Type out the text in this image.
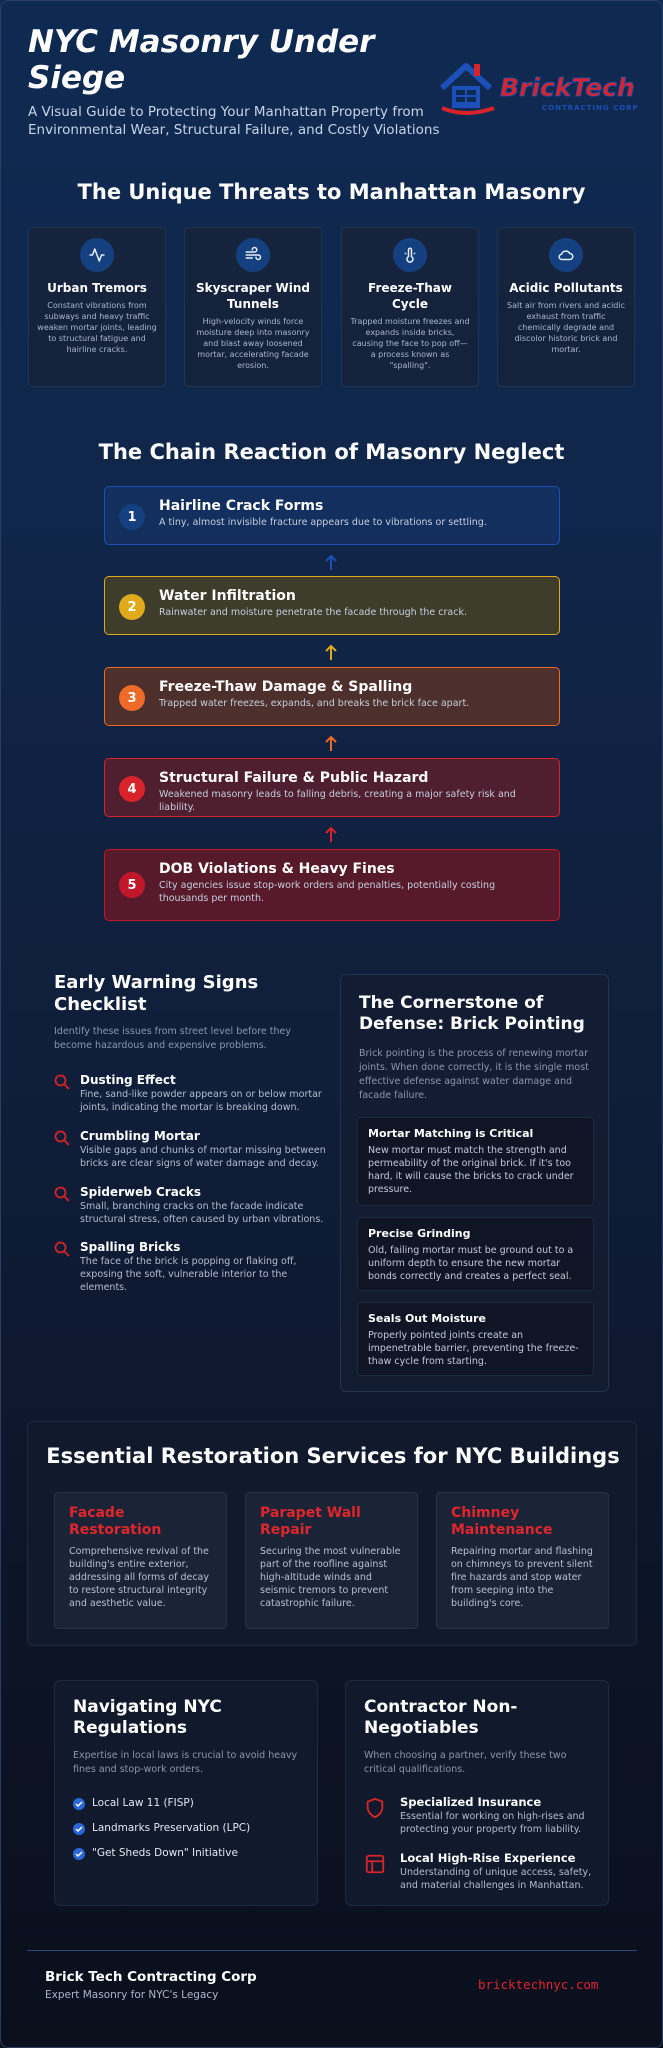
NYC Masonry Under Siege
A Visual Guide to Protecting Your Manhattan Property from Environmental Wear, Structural Failure, and Costly Violations
BrickTech
CONTRACTING CORP
The Unique Threats to Manhattan Masonry
Urban Tremors

Constant vibrations from subways and heavy traffic weaken mortar joints, leading to structural fatigue and hairline cracks.

Skyscraper Wind Tunnels

High-velocity winds force moisture deep into masonry and blast away loosened mortar, accelerating facade erosion.

Freeze-Thaw Cycle

Trapped moisture freezes and expands inside bricks, causing the face to pop off—a process known as "spalling".

Acidic Pollutants

Salt air from rivers and acidic exhaust from traffic chemically degrade and discolor historic brick and mortar.

The Chain Reaction of Masonry Neglect
1
Hairline Crack Forms

A tiny, almost invisible fracture appears due to vibrations or settling.

2
Water Infiltration

Rainwater and moisture penetrate the facade through the crack.

3
Freeze-Thaw Damage & Spalling

Trapped water freezes, expands, and breaks the brick face apart.

4
Structural Failure & Public Hazard

Weakened masonry leads to falling debris, creating a major safety risk and liability.

5
DOB Violations & Heavy Fines

City agencies issue stop-work orders and penalties, potentially costing thousands per month.

Early Warning Signs Checklist
Identify these issues from street level before they become hazardous and expensive problems.
Dusting Effect

Fine, sand-like powder appears on or below mortar joints, indicating the mortar is breaking down.

Crumbling Mortar

Visible gaps and chunks of mortar missing between bricks are clear signs of water damage and decay.

Spiderweb Cracks

Small, branching cracks on the facade indicate structural stress, often caused by urban vibrations.

Spalling Bricks

The face of the brick is popping or flaking off, exposing the soft, vulnerable interior to the elements.

The Cornerstone of Defense: Brick Pointing
Brick pointing is the process of renewing mortar joints. When done correctly, it is the single most effective defense against water damage and facade failure.
Mortar Matching is Critical

New mortar must match the strength and permeability of the original brick. If it's too hard, it will cause the bricks to crack under pressure.

Precise Grinding

Old, failing mortar must be ground out to a uniform depth to ensure the new mortar bonds correctly and creates a perfect seal.

Seals Out Moisture

Properly pointed joints create an impenetrable barrier, preventing the freeze-thaw cycle from starting.

Essential Restoration Services for NYC Buildings
Facade Restoration

Comprehensive revival of the building's entire exterior, addressing all forms of decay to restore structural integrity and aesthetic value.

Parapet Wall Repair

Securing the most vulnerable part of the roofline against high-altitude winds and seismic tremors to prevent catastrophic failure.

Chimney Maintenance

Repairing mortar and flashing on chimneys to prevent silent fire hazards and stop water from seeping into the building's core.

Navigating NYC Regulations
Expertise in local laws is crucial to avoid heavy fines and stop-work orders.
Local Law 11 (FISP)
Landmarks Preservation (LPC)
"Get Sheds Down" Initiative
Contractor Non-Negotiables
When choosing a partner, verify these two critical qualifications.
Specialized Insurance

Essential for working on high-rises and protecting your property from liability.

Local High-Rise Experience

Understanding of unique access, safety, and material challenges in Manhattan.

Brick Tech Contracting Corp
Expert Masonry for NYC's Legacy
bricktechnyc.com
